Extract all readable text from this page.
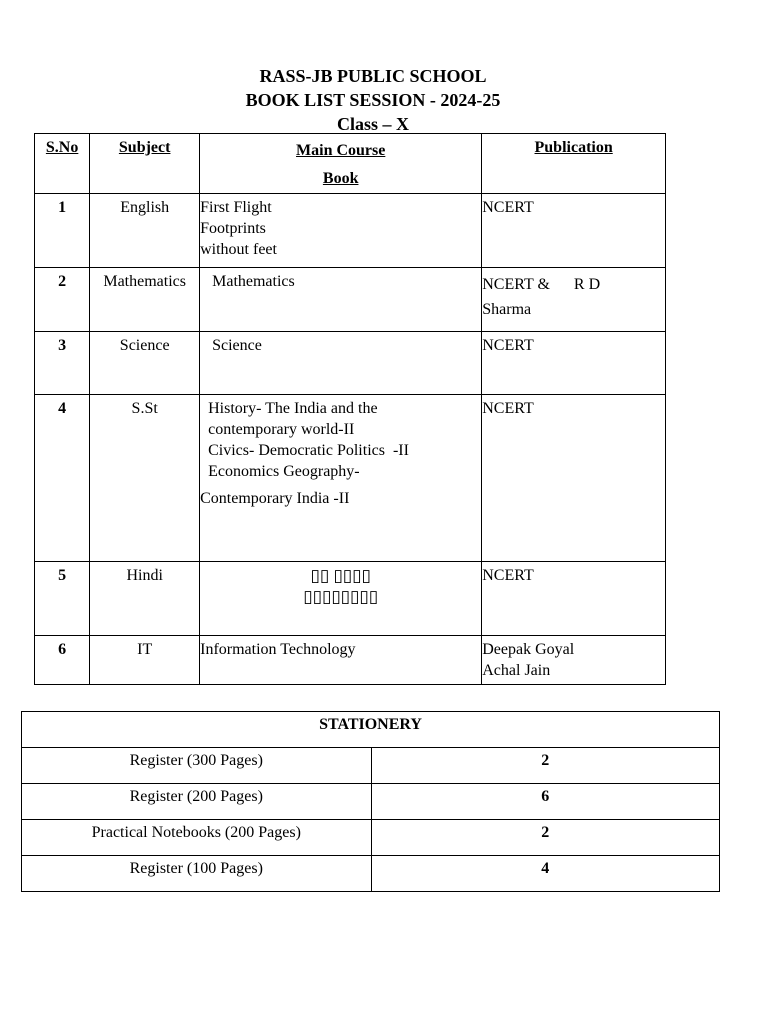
RASS-JB PUBLIC SCHOOL
BOOK LIST SESSION - 2024-25
Class – X
S.No	Subject	Main Course
Book	Publication
1	English	First Flight
Footprints
without feet	NCERT

2	Mathematics	Mathematics	NCERT &      R D
Sharma

3	Science	Science	NCERT

4	S.St	History- The India and the
contemporary world-II
Civics- Democratic Politics  -II
Economics Geography-
Contemporary India -II	NCERT

5	Hindi	▯▯ ▯▯▯▯
▯▯▯▯▯▯▯▯	NCERT

6	IT	Information Technology	Deepak Goyal
Achal Jain
STATIONERY	
Register (300 Pages)	2
Register (200 Pages)	6
Practical Notebooks (200 Pages)	2
Register (100 Pages)	4
